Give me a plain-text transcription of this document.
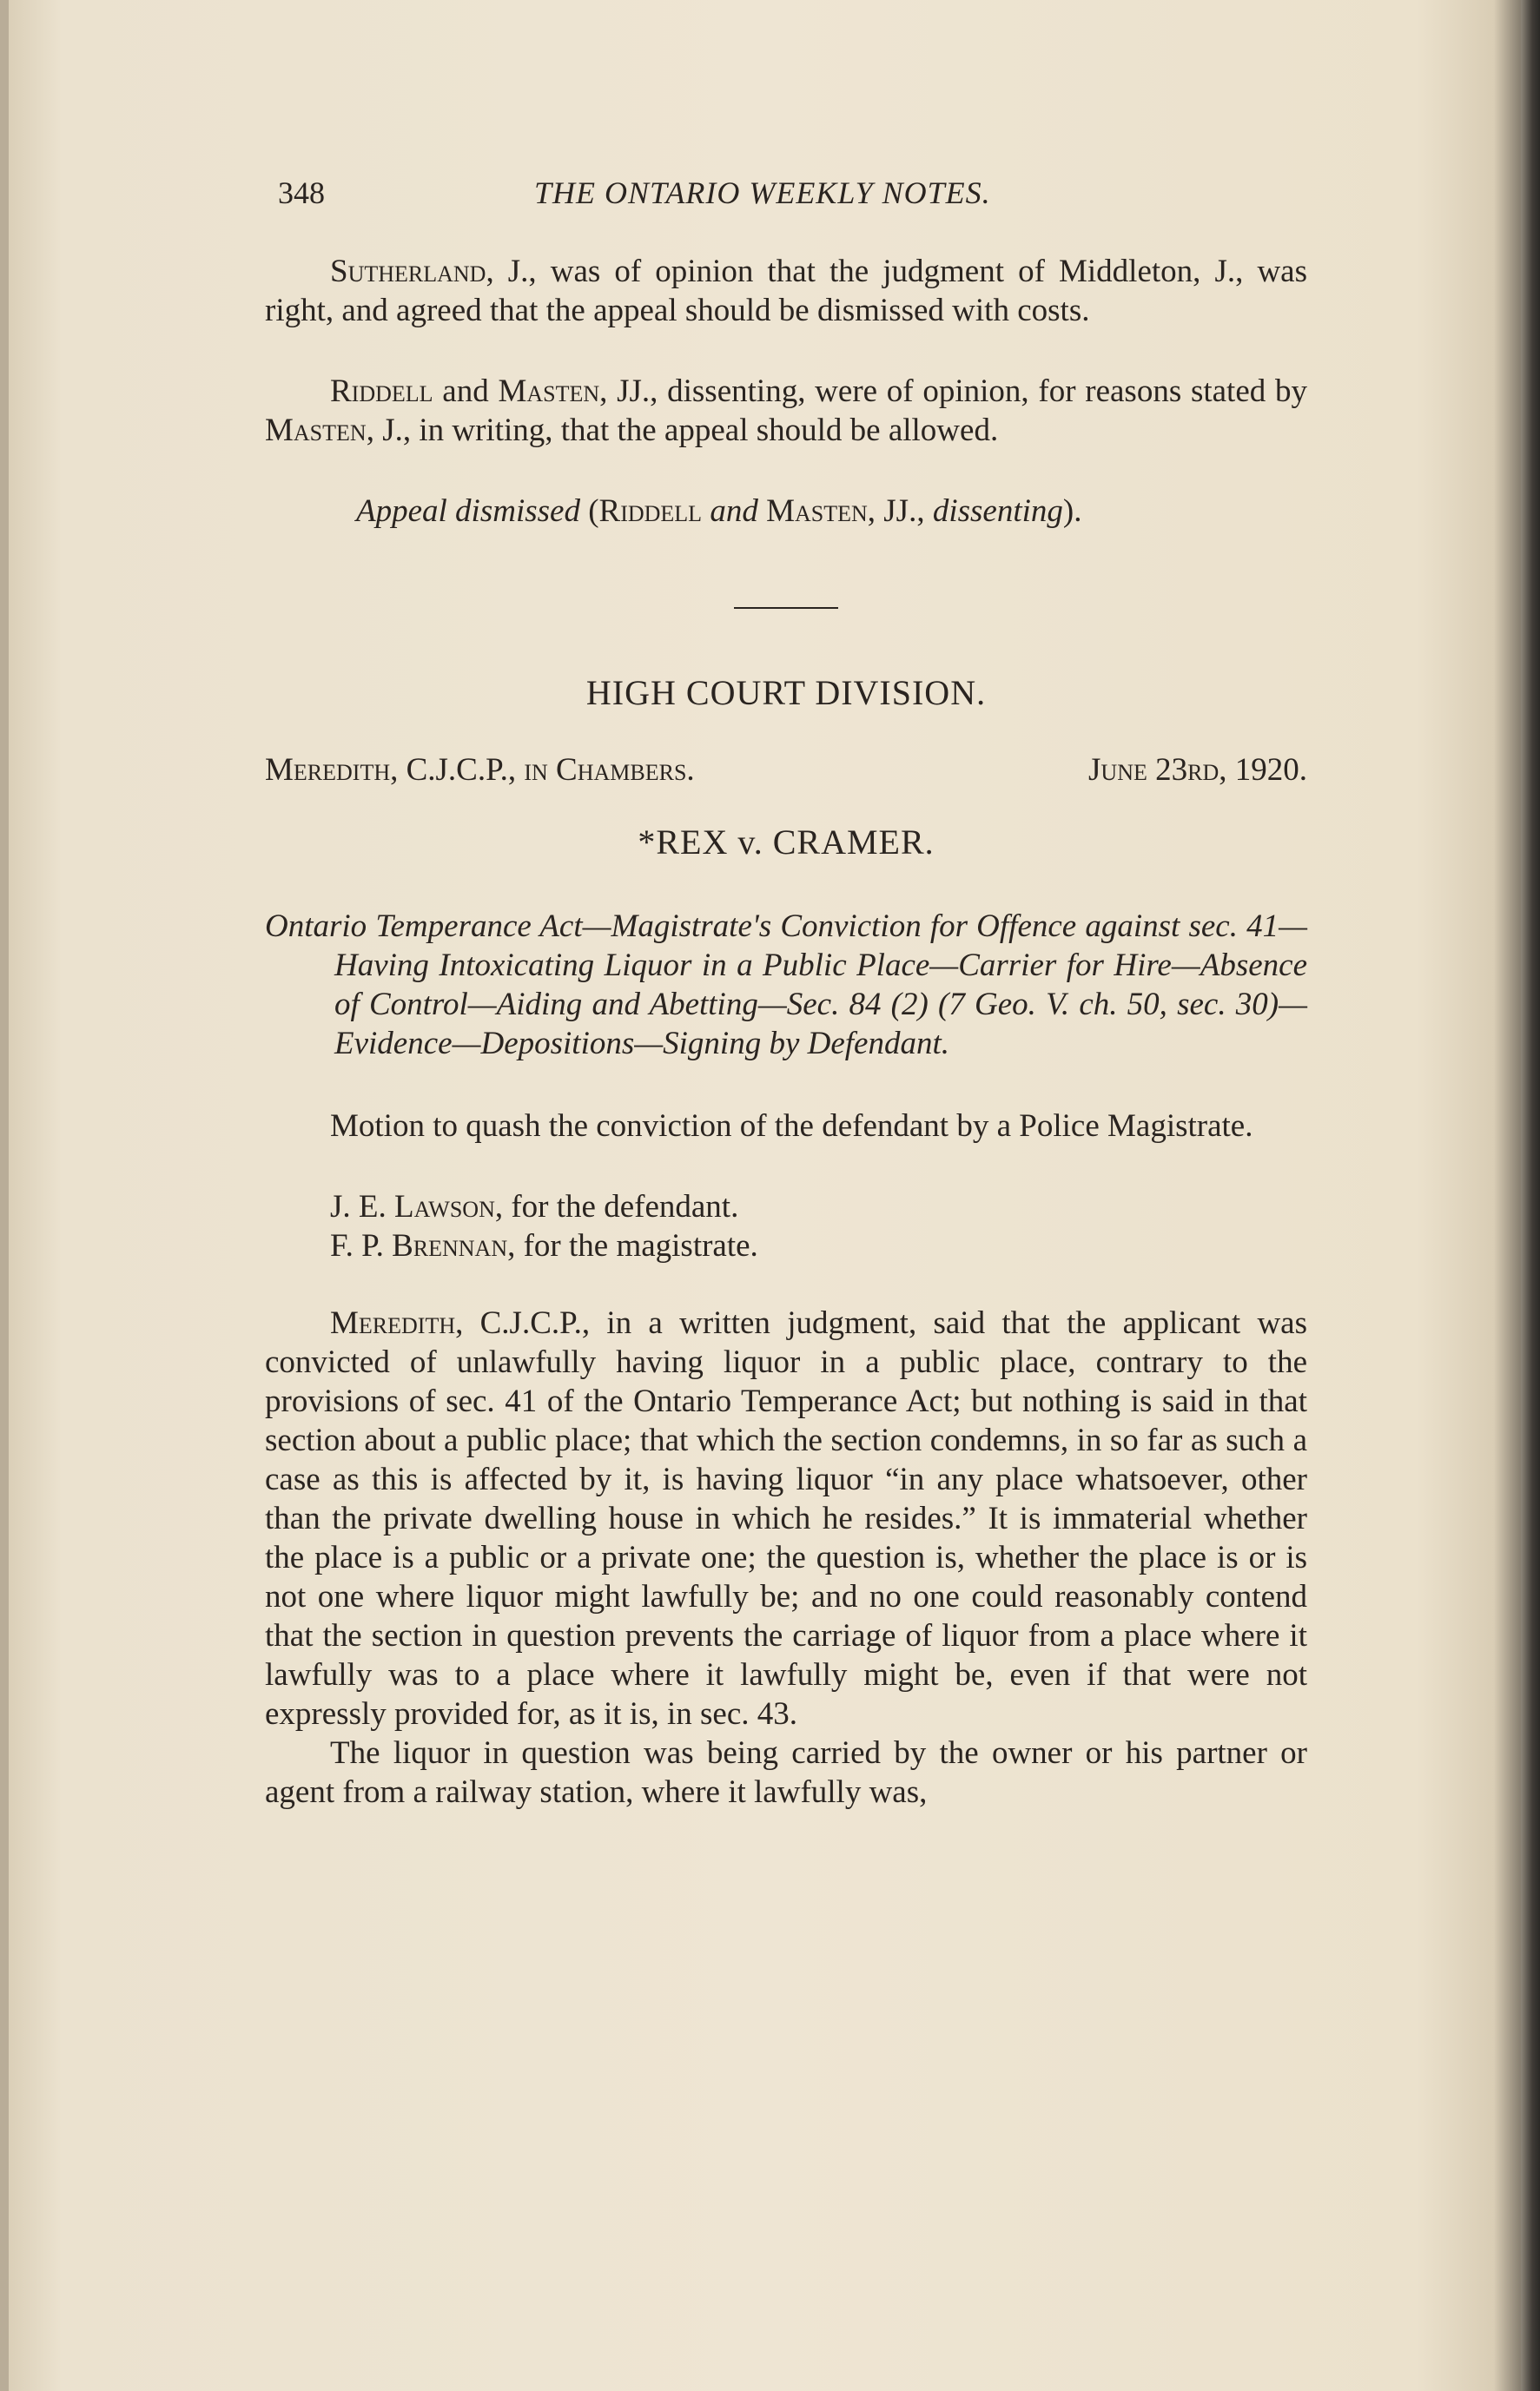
348	THE ONTARIO WEEKLY NOTES.

Sutherland, J., was of opinion that the judgment of Middleton, J., was right, and agreed that the appeal should be dismissed with costs.

Riddell and Masten, JJ., dissenting, were of opinion, for reasons stated by Masten, J., in writing, that the appeal should be allowed.

Appeal dismissed (Riddell and Masten, JJ., dissenting).

HIGH COURT DIVISION.
Meredith, C.J.C.P., in Chambers.	June 23rd, 1920.
*REX v. CRAMER.

Ontario Temperance Act—Magistrate's Conviction for Offence against sec. 41—Having Intoxicating Liquor in a Public Place—Carrier for Hire—Absence of Control—Aiding and Abetting—Sec. 84 (2) (7 Geo. V. ch. 50, sec. 30)—Evidence—Depositions—Signing by Defendant.

Motion to quash the conviction of the defendant by a Police Magistrate.

J. E. Lawson, for the defendant.
F. P. Brennan, for the magistrate.

Meredith, C.J.C.P., in a written judgment, said that the applicant was convicted of unlawfully having liquor in a public place, contrary to the provisions of sec. 41 of the Ontario Temperance Act; but nothing is said in that section about a public place; that which the section condemns, in so far as such a case as this is affected by it, is having liquor “in any place whatsoever, other than the private dwelling house in which he resides.” It is immaterial whether the place is a public or a private one; the question is, whether the place is or is not one where liquor might lawfully be; and no one could reasonably contend that the section in question prevents the carriage of liquor from a place where it lawfully was to a place where it lawfully might be, even if that were not expressly provided for, as it is, in sec. 43.

The liquor in question was being carried by the owner or his partner or agent from a railway station, where it lawfully was,
